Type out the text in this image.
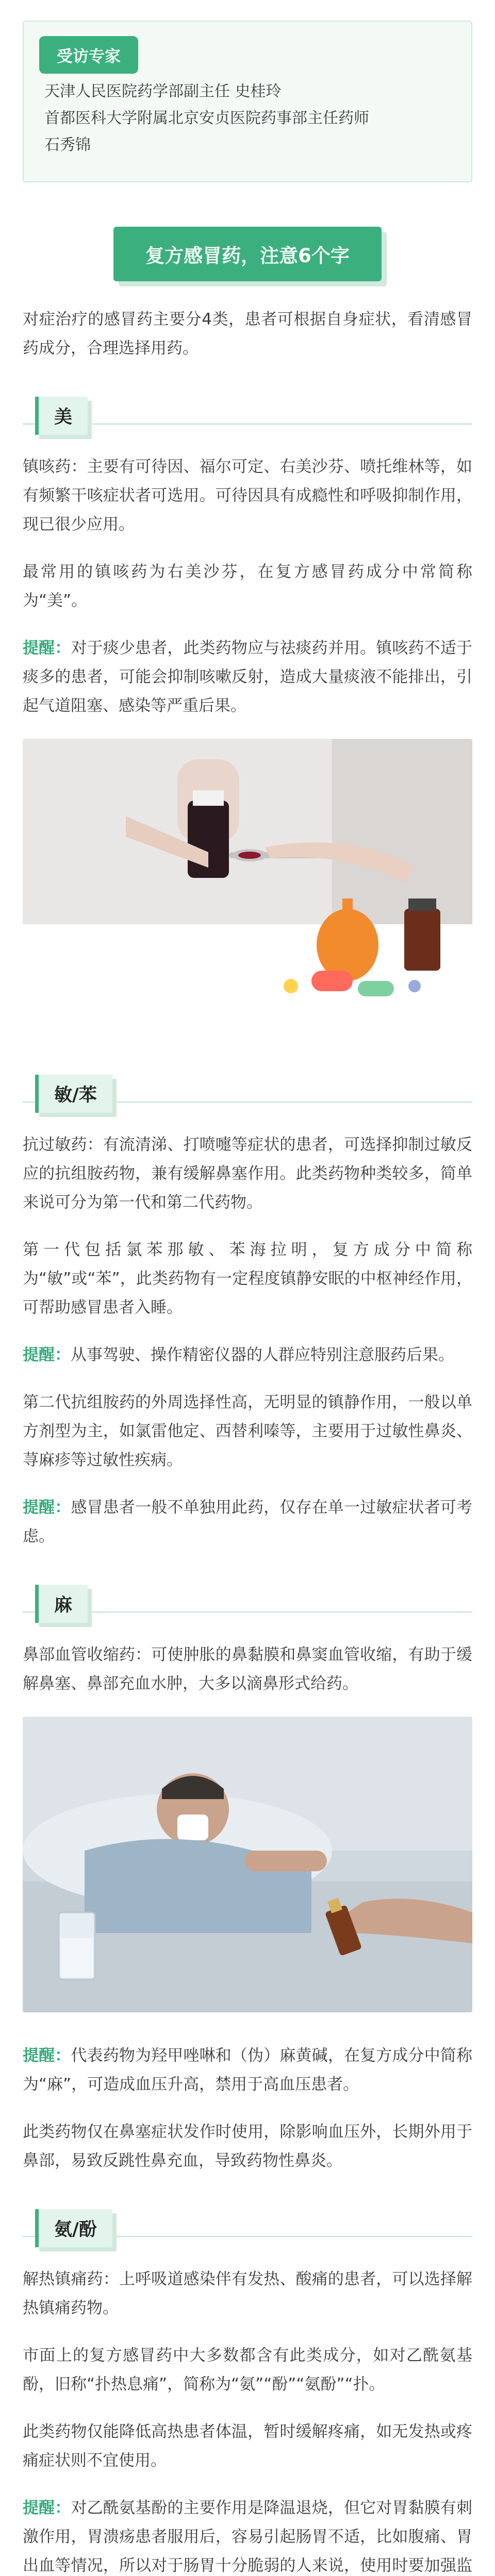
受访专家
天津人民医院药学部副主任 史桂玲
首都医科大学附属北京安贞医院药事部主任药师
石秀锦
复方感冒药，注意6个字

对症治疗的感冒药主要分4类，患者可根据自身症状，看清感冒药成分，合理选择用药。

美

镇咳药：主要有可待因、福尔可定、右美沙芬、喷托维林等，如有频繁干咳症状者可选用。可待因具有成瘾性和呼吸抑制作用，现已很少应用。

最常用的镇咳药为右美沙芬，在复方感冒药成分中常简称为“美”。

提醒：对于痰少患者，此类药物应与祛痰药并用。镇咳药不适于痰多的患者，可能会抑制咳嗽反射，造成大量痰液不能排出，引起气道阻塞、感染等严重后果。

敏/苯

抗过敏药：有流清涕、打喷嚏等症状的患者，可选择抑制过敏反应的抗组胺药物，兼有缓解鼻塞作用。此类药物种类较多，简单来说可分为第一代和第二代药物。

第一代包括氯苯那敏、苯海拉明，复方成分中简称为“敏”或“苯”，此类药物有一定程度镇静安眠的中枢神经作用，可帮助感冒患者入睡。

提醒：从事驾驶、操作精密仪器的人群应特别注意服药后果。

第二代抗组胺药的外周选择性高，无明显的镇静作用，一般以单方剂型为主，如氯雷他定、西替利嗪等，主要用于过敏性鼻炎、荨麻疹等过敏性疾病。

提醒：感冒患者一般不单独用此药，仅存在单一过敏症状者可考虑。

麻

鼻部血管收缩药：可使肿胀的鼻黏膜和鼻窦血管收缩，有助于缓解鼻塞、鼻部充血水肿，大多以滴鼻形式给药。

提醒：代表药物为羟甲唑啉和（伪）麻黄碱，在复方成分中简称为“麻”，可造成血压升高，禁用于高血压患者。

此类药物仅在鼻塞症状发作时使用，除影响血压外，长期外用于鼻部，易致反跳性鼻充血，导致药物性鼻炎。

氨/酚

解热镇痛药：上呼吸道感染伴有发热、酸痛的患者，可以选择解热镇痛药物。

市面上的复方感冒药中大多数都含有此类成分，如对乙酰氨基酚，旧称“扑热息痛”，简称为“氨”“酚”“氨酚”“扑。

此类药物仅能降低高热患者体温，暂时缓解疼痛，如无发热或疼痛症状则不宜使用。

提醒：对乙酰氨基酚的主要作用是降温退烧，但它对胃黏膜有刺激作用，胃溃疡患者服用后，容易引起肠胃不适，比如腹痛、胃出血等情况，所以对于肠胃十分脆弱的人来说，使用时要加强监
